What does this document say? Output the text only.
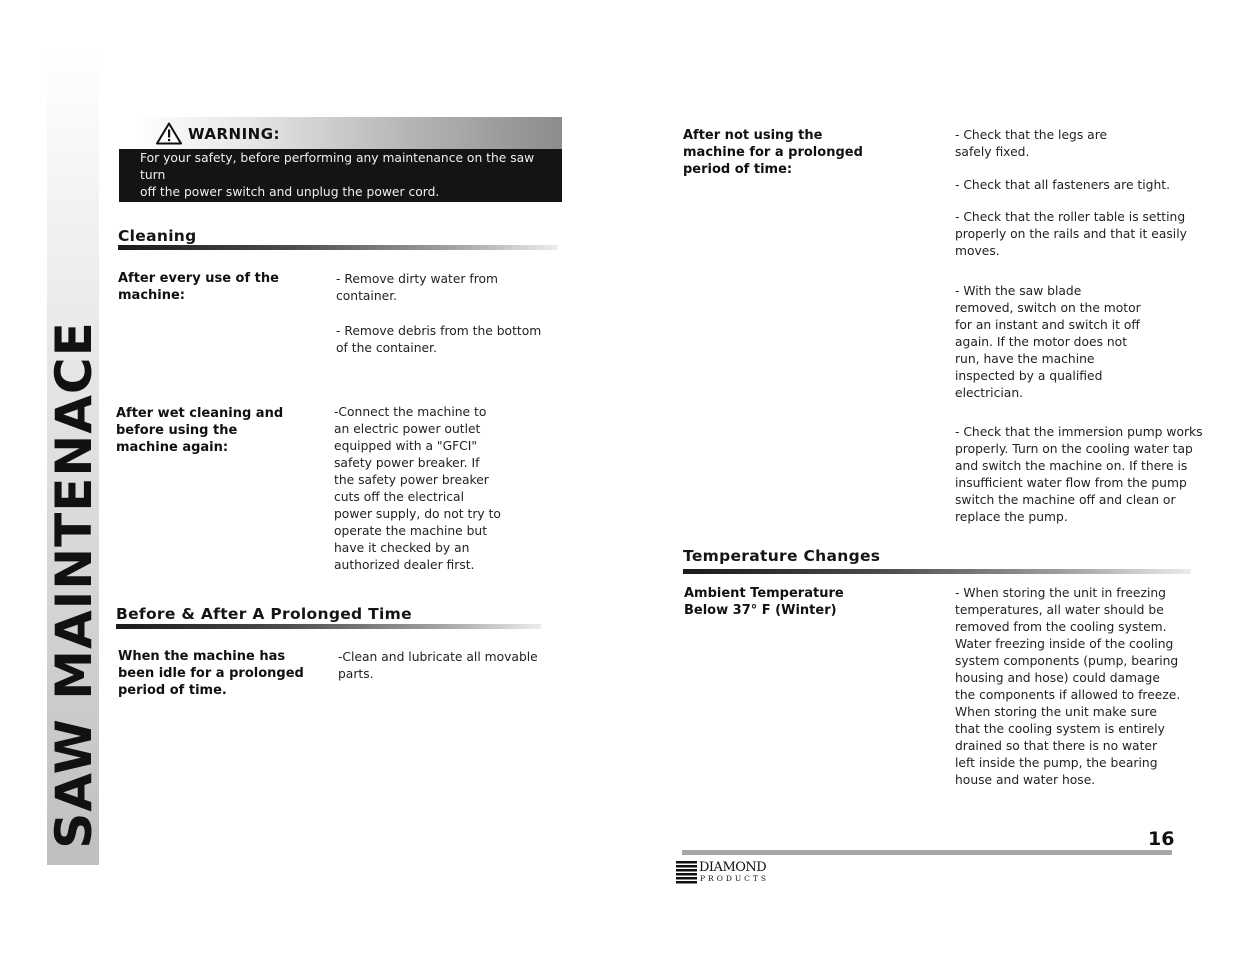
SAW MAINTENACE
WARNING:
For your safety, before performing any maintenance on the saw turn
off the power switch and unplug the power cord.
Cleaning
After every use of the
machine:
- Remove dirty water from
container.
- Remove debris from the bottom
of the container.
After wet cleaning and
before using the
machine again:
-Connect the machine to
an electric power outlet
equipped with a "GFCI"
safety power breaker. If
the safety power breaker
cuts off the electrical
power supply, do not try to
operate the machine but
have it checked by an
authorized dealer first.
Before & After A Prolonged Time
When the machine has
been idle for a prolonged
period of time.
-Clean and lubricate all movable
parts.
After not using the
machine for a prolonged
period of time:
- Check that the legs are
safely fixed.
- Check that all fasteners are tight.
- Check that the roller table is setting
properly on the rails and that it easily
moves.
- With the saw blade
removed, switch on the motor
for an instant and switch it off
again. If the motor does not
run, have the machine
inspected by a qualified
electrician.
- Check that the immersion pump works
properly. Turn on the cooling water tap
and switch the machine on. If there is
insufficient water flow from the pump
switch the machine off and clean or
replace the pump.
Temperature Changes
Ambient Temperature
Below 37° F (Winter)
- When storing the unit in freezing
temperatures, all water should be
removed from the cooling system.
Water freezing inside of the cooling
system components (pump, bearing
housing and hose) could damage
the components if allowed to freeze.
When storing the unit make sure
that the cooling system is entirely
drained so that there is no water
left inside the pump, the bearing
house and water hose.
16
DIAMOND
PRODUCTS
